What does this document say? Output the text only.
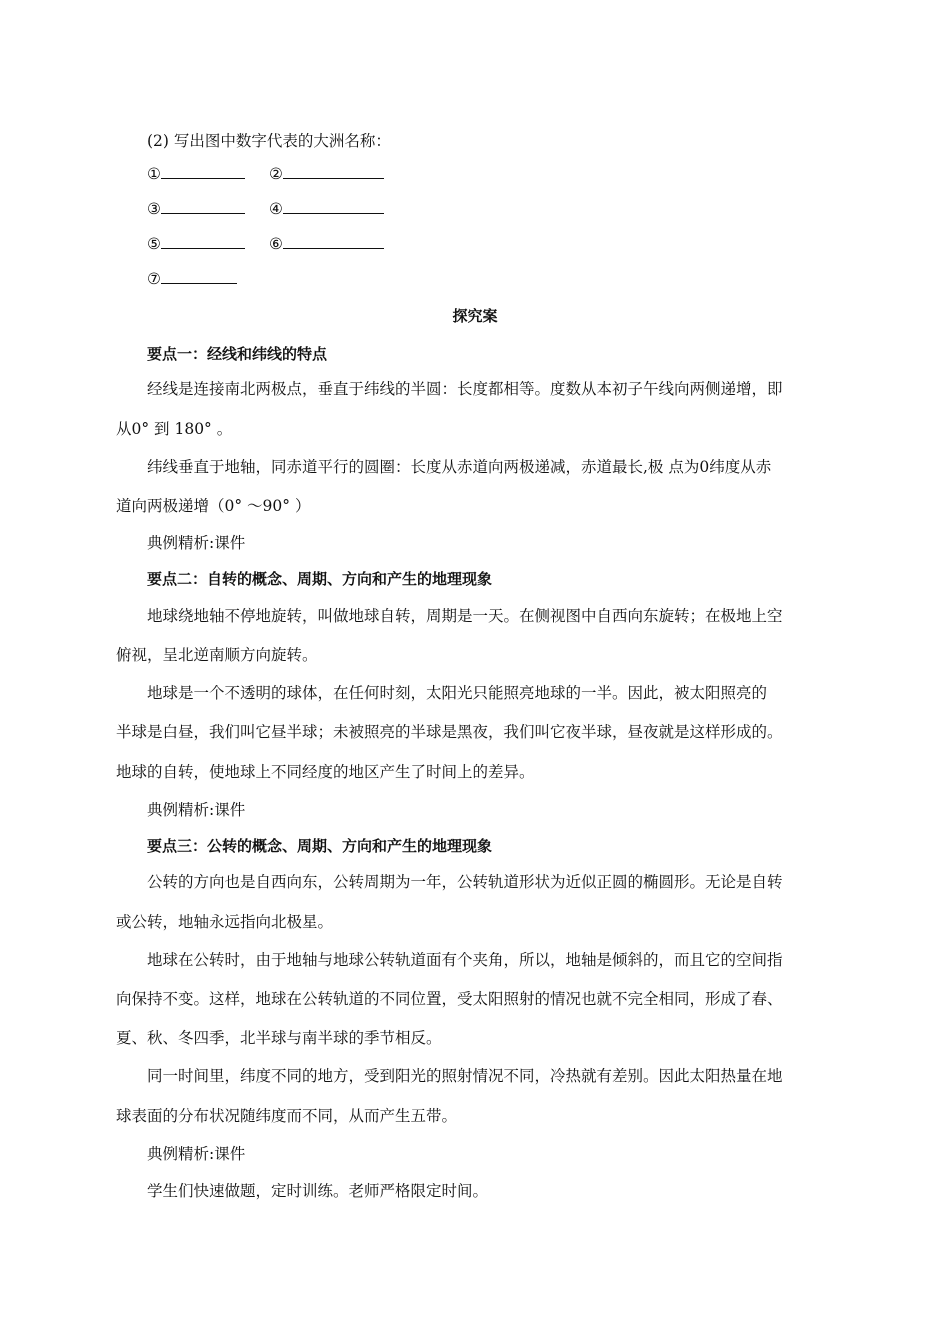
(2) 写出图中数字代表的大洲名称：
①	②
③	④
⑤	⑥
⑦
探究案
要点一：经线和纬线的特点
经线是连接南北两极点，垂直于纬线的半圆：长度都相等。度数从本初子午线向两侧递增，即
从0° 到 180° 。
纬线垂直于地轴，同赤道平行的圆圈：长度从赤道向两极递减，赤道最长,极 点为0纬度从赤
道向两极递增（0° ～90° ）
典例精析:课件
要点二：自转的概念、周期、方向和产生的地理现象
地球绕地轴不停地旋转，叫做地球自转，周期是一天。在侧视图中自西向东旋转；在极地上空
俯视，呈北逆南顺方向旋转。
地球是一个不透明的球体，在任何时刻，太阳光只能照亮地球的一半。因此，被太阳照亮的
半球是白昼，我们叫它昼半球；未被照亮的半球是黑夜，我们叫它夜半球，昼夜就是这样形成的。
地球的自转，使地球上不同经度的地区产生了时间上的差异。
典例精析:课件
要点三：公转的概念、周期、方向和产生的地理现象
公转的方向也是自西向东，公转周期为一年，公转轨道形状为近似正圆的椭圆形。无论是自转
或公转，地轴永远指向北极星。
地球在公转时，由于地轴与地球公转轨道面有个夹角，所以，地轴是倾斜的，而且它的空间指
向保持不变。这样，地球在公转轨道的不同位置，受太阳照射的情况也就不完全相同，形成了春、
夏、秋、冬四季，北半球与南半球的季节相反。
同一时间里，纬度不同的地方，受到阳光的照射情况不同，冷热就有差别。因此太阳热量在地
球表面的分布状况随纬度而不同，从而产生五带。
典例精析:课件
学生们快速做题，定时训练。老师严格限定时间。
